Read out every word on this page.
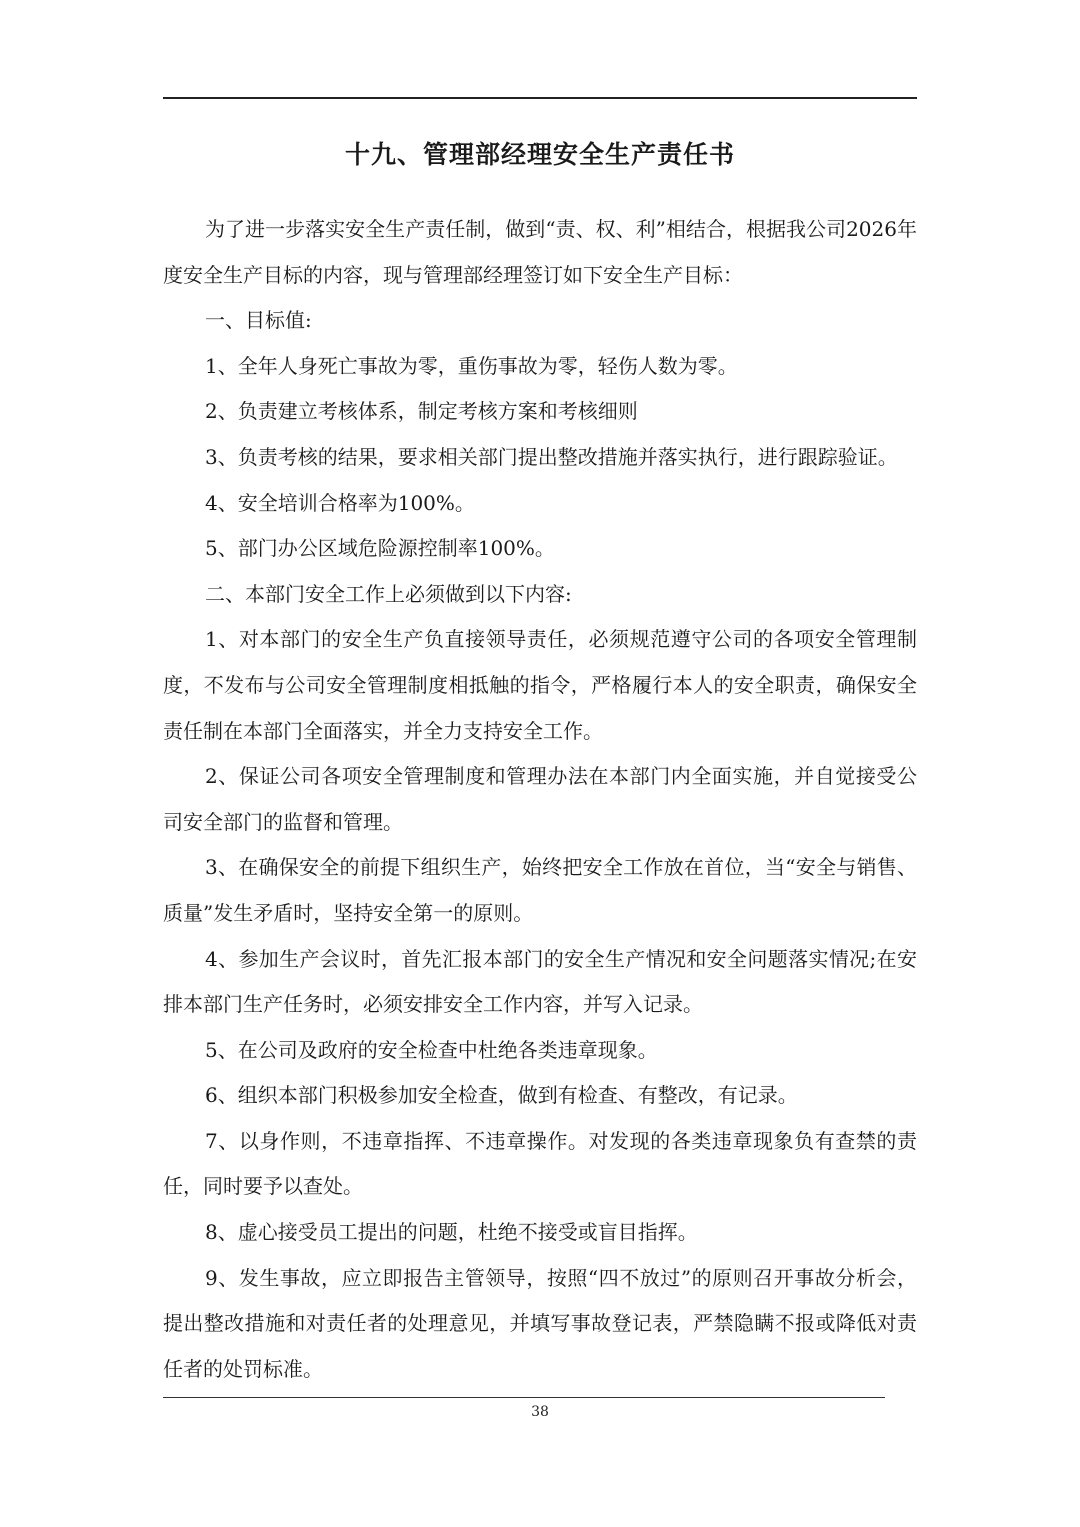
十九、管理部经理安全生产责任书

为了进一步落实安全生产责任制，做到“责、权、利”相结合，根据我公司2026年度安全生产目标的内容，现与管理部经理签订如下安全生产目标：

一、目标值:

1、全年人身死亡事故为零，重伤事故为零，轻伤人数为零。

2、负责建立考核体系，制定考核方案和考核细则

3、负责考核的结果，要求相关部门提出整改措施并落实执行，进行跟踪验证。

4、安全培训合格率为100%。

5、部门办公区域危险源控制率100%。

二、本部门安全工作上必须做到以下内容:

1、对本部门的安全生产负直接领导责任，必须规范遵守公司的各项安全管理制度，不发布与公司安全管理制度相抵触的指令，严格履行本人的安全职责，确保安全责任制在本部门全面落实，并全力支持安全工作。

2、保证公司各项安全管理制度和管理办法在本部门内全面实施，并自觉接受公司安全部门的监督和管理。

3、在确保安全的前提下组织生产，始终把安全工作放在首位，当“安全与销售、质量”发生矛盾时，坚持安全第一的原则。

4、参加生产会议时，首先汇报本部门的安全生产情况和安全问题落实情况;在安排本部门生产任务时，必须安排安全工作内容，并写入记录。

5、在公司及政府的安全检查中杜绝各类违章现象。

6、组织本部门积极参加安全检查，做到有检查、有整改，有记录。

7、以身作则，不违章指挥、不违章操作。对发现的各类违章现象负有查禁的责任，同时要予以查处。

8、虚心接受员工提出的问题，杜绝不接受或盲目指挥。

9、发生事故，应立即报告主管领导，按照“四不放过”的原则召开事故分析会，提出整改措施和对责任者的处理意见，并填写事故登记表，严禁隐瞒不报或降低对责任者的处罚标准。

38
